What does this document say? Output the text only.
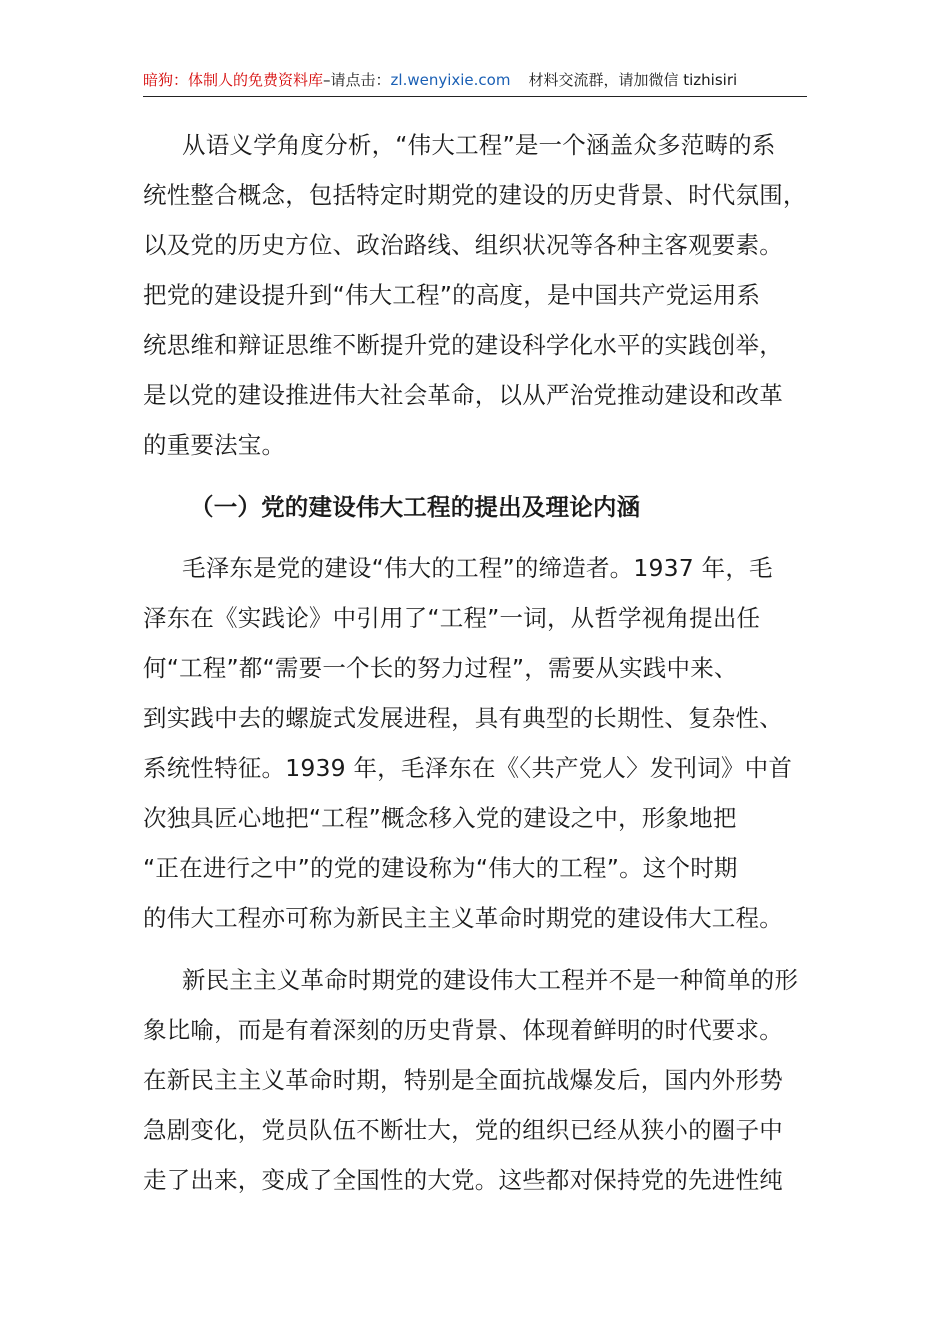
暗狗：体制人的免费资料库–请点击：zl.wenyixie.com 材料交流群，请加微信 tizhisiri
从语义学角度分析，“伟大工程”是一个涵盖众多范畴的系
统性整合概念，包括特定时期党的建设的历史背景、时代氛围，
以及党的历史方位、政治路线、组织状况等各种主客观要素。
把党的建设提升到“伟大工程”的高度，是中国共产党运用系
统思维和辩证思维不断提升党的建设科学化水平的实践创举，
是以党的建设推进伟大社会革命，以从严治党推动建设和改革
的重要法宝。
（一）党的建设伟大工程的提出及理论内涵
毛泽东是党的建设“伟大的工程”的缔造者。1937 年，毛
泽东在《实践论》中引用了“工程”一词，从哲学视角提出任
何“工程”都“需要一个长的努力过程”，需要从实践中来、
到实践中去的螺旋式发展进程，具有典型的长期性、复杂性、
系统性特征。1939 年，毛泽东在《〈共产党人〉发刊词》中首
次独具匠心地把“工程”概念移入党的建设之中，形象地把
“正在进行之中”的党的建设称为“伟大的工程”。这个时期
的伟大工程亦可称为新民主主义革命时期党的建设伟大工程。
新民主主义革命时期党的建设伟大工程并不是一种简单的形
象比喻，而是有着深刻的历史背景、体现着鲜明的时代要求。
在新民主主义革命时期，特别是全面抗战爆发后，国内外形势
急剧变化，党员队伍不断壮大，党的组织已经从狭小的圈子中
走了出来，变成了全国性的大党。这些都对保持党的先进性纯
